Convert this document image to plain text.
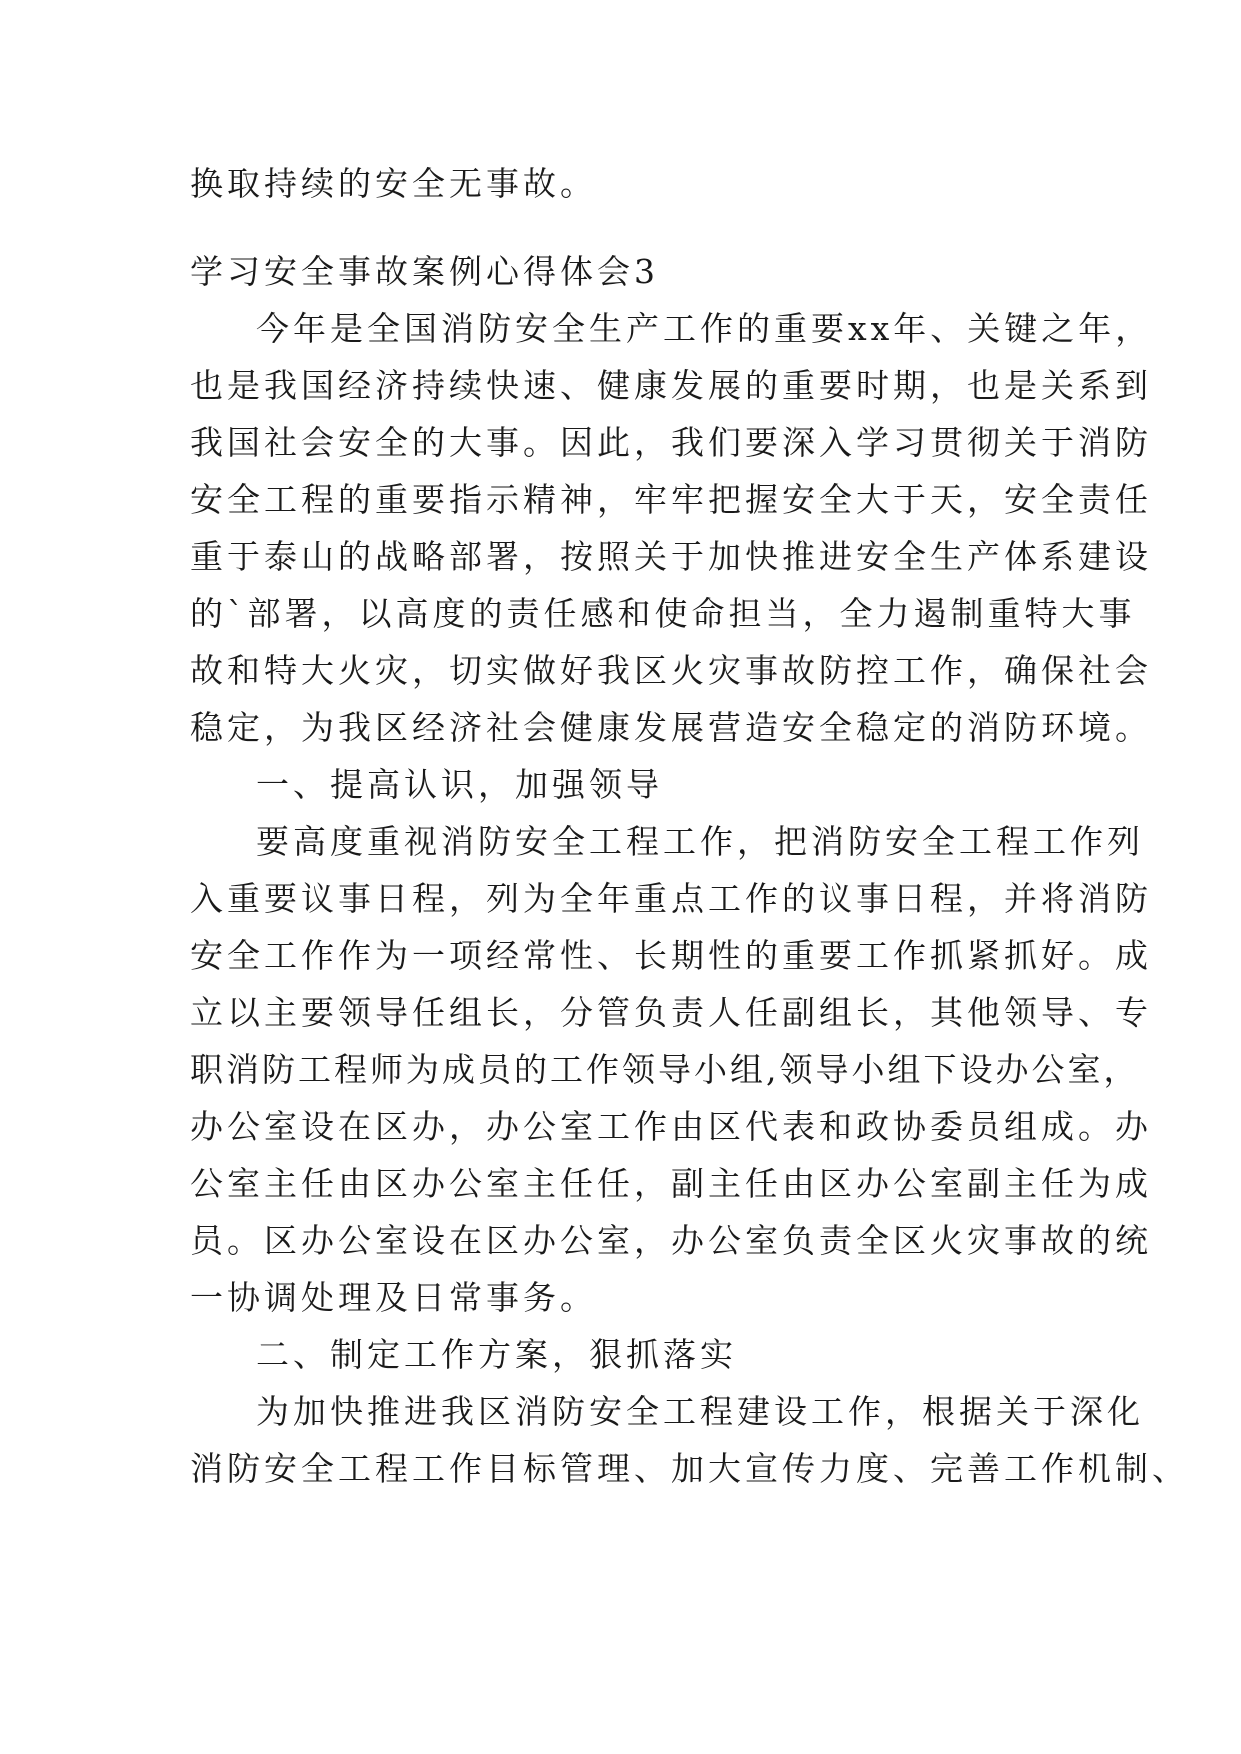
换取持续的安全无事故。
学习安全事故案例心得体会3
今年是全国消防安全生产工作的重要xx年、关键之年，
也是我国经济持续快速、健康发展的重要时期，也是关系到
我国社会安全的大事。因此，我们要深入学习贯彻关于消防
安全工程的重要指示精神，牢牢把握安全大于天，安全责任
重于泰山的战略部署，按照关于加快推进安全生产体系建设
的`部署，以高度的责任感和使命担当，全力遏制重特大事
故和特大火灾，切实做好我区火灾事故防控工作，确保社会
稳定，为我区经济社会健康发展营造安全稳定的消防环境。
一、提高认识，加强领导
要高度重视消防安全工程工作，把消防安全工程工作列
入重要议事日程，列为全年重点工作的议事日程，并将消防
安全工作作为一项经常性、长期性的重要工作抓紧抓好。成
立以主要领导任组长，分管负责人任副组长，其他领导、专
职消防工程师为成员的工作领导小组,领导小组下设办公室，
办公室设在区办，办公室工作由区代表和政协委员组成。办
公室主任由区办公室主任任，副主任由区办公室副主任为成
员。区办公室设在区办公室，办公室负责全区火灾事故的统
一协调处理及日常事务。
二、制定工作方案，狠抓落实
为加快推进我区消防安全工程建设工作，根据关于深化
消防安全工程工作目标管理、加大宣传力度、完善工作机制、
